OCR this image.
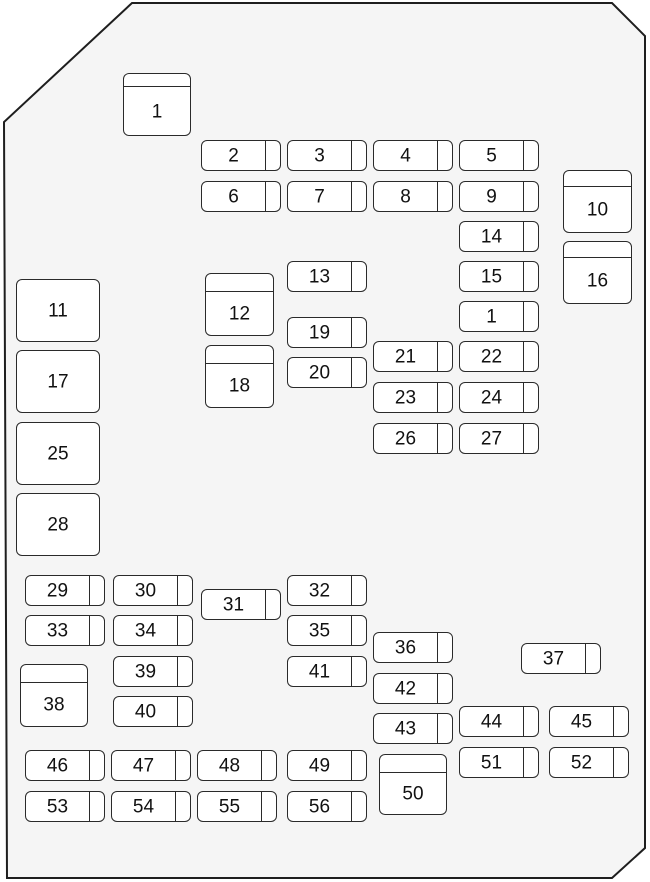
1
2	3	4	5
6	7	8	9
10
14
15	16
1
11	12
13
19
20
18
17
21	22
23	24
26	27
25
28
29	30
31
32
33	34	35
36
37
38
39	41
42
40
43	44	45
46	47	48	49
50
51	52
53	54	55	56
